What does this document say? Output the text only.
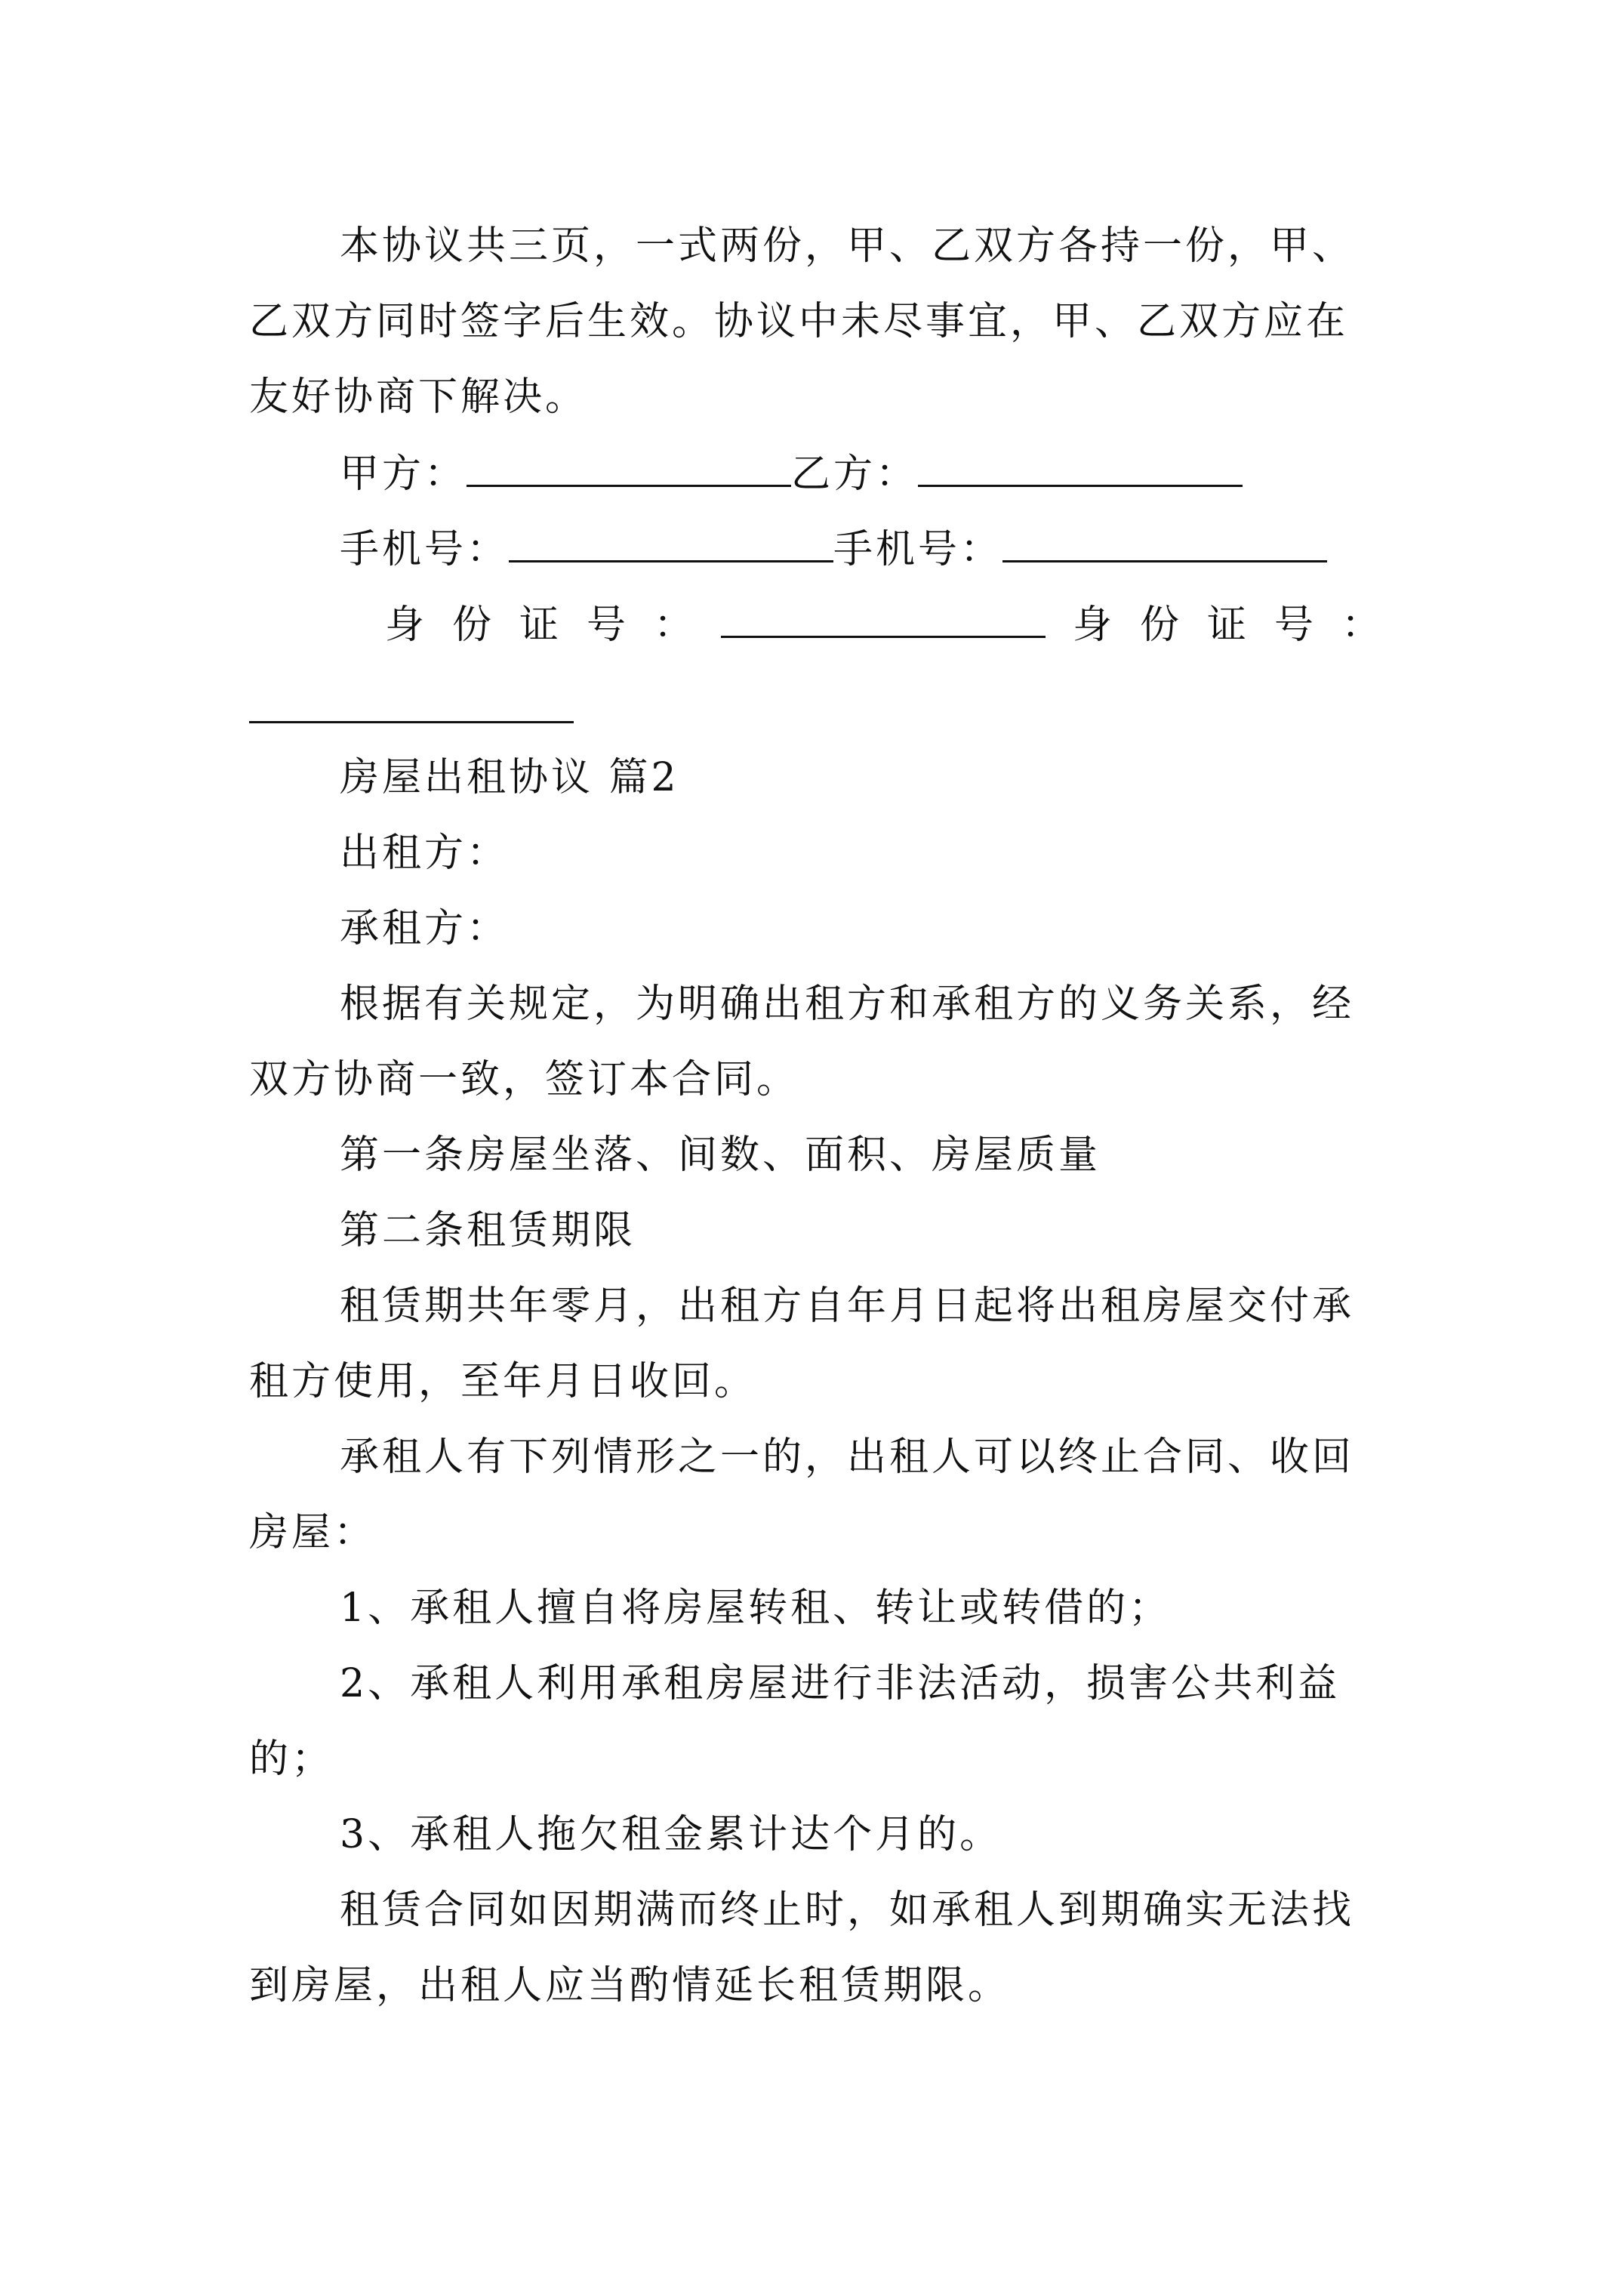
本协议共三页，一式两份，甲、乙双方各持一份，甲、
乙双方同时签字后生效。协议中未尽事宜，甲、乙双方应在
友好协商下解决。
甲方：	乙方：
手机号：	手机号：
身份证号：	身份证号：
房屋出租协议 篇2
出租方：
承租方：
根据有关规定，为明确出租方和承租方的义务关系，经
双方协商一致，签订本合同。
第一条房屋坐落、间数、面积、房屋质量
第二条租赁期限
租赁期共年零月，出租方自年月日起将出租房屋交付承
租方使用，至年月日收回。
承租人有下列情形之一的，出租人可以终止合同、收回
房屋：
1、承租人擅自将房屋转租、转让或转借的；
2、承租人利用承租房屋进行非法活动，损害公共利益
的；
3、承租人拖欠租金累计达个月的。
租赁合同如因期满而终止时，如承租人到期确实无法找
到房屋，出租人应当酌情延长租赁期限。
